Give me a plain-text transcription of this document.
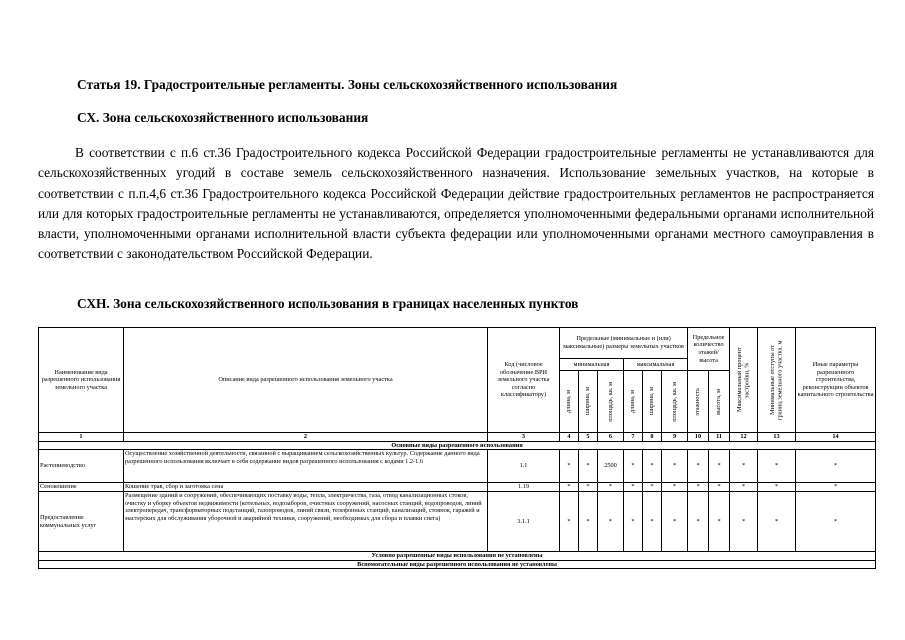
Статья 19. Градостроительные регламенты. Зоны сельскохозяйственного использования
СХ. Зона сельскохозяйственного использования
В соответствии с п.6 ст.36 Градостроительного кодекса Российской Федерации градостроительные регламенты не устанавливаются для сельскохозяйственных угодий в составе земель сельскохозяйственного назначения. Использование земельных участков, на которые в соответствии с п.п.4,6 ст.36 Градостроительного кодекса Российской Федерации действие градостроительных регламентов не распространяется или для которых градостроительные регламенты не устанавливаются, определяется уполномоченными федеральными органами исполнительной власти, уполномоченными органами исполнительной власти субъекта федерации или уполномоченными органами местного самоуправления в соответствии с законодательством Российской Федерации.
СХН. Зона сельскохозяйственного использования в границах населенных пунктов
Наименование вида разрешенного использования земельного участка	Описание вида разрешенного использования земельного участка	Код (числовое обозначение ВРИ земельного участка согласно классификатору)	Предельные (минимальные и (или) максимальные) размеры земельных участков						Предельное количество этажей/высота		Максимальный процент застройки, %	Минимальные отступы от границ земельного участка, м	Иные параметры разрешенного строительства, реконструкции объектов капитального строительства
			минимальная			максимальная							

			длина, м	ширина, м	площадь, кв. м	длина, м	ширина, м	площадь, кв. м	этажность	высота, м			

1	2	3	4	5	6	7	8	9	10	11	12	13	14
Основные виды разрешенного использования													
Растениеводство	Осуществление хозяйственной деятельности, связанной с выращиванием сельскохозяйственных культур. Содержание данного вида разрешенного использования включает в себя содержание видов разрешенного использования с кодами 1.2-1.6	1.1	*	*	2500	*	*	*	*	*	*	*	*
Сенокошение	Кошение трав, сбор и заготовка сена	1.19	*	*	*	*	*	*	*	*	*	*	*
Предоставление коммунальных услуг	Размещение зданий и сооружений, обеспечивающих поставку воды, тепла, электричества, газа, отвод канализационных стоков, очистку и уборку объектов недвижимости (котельных, водозаборов, очистных сооружений, насосных станций, водопроводов, линий электропередач, трансформаторных подстанций, газопроводов, линий связи, телефонных станций, канализаций, стоянок, гаражей и мастерских для обслуживания уборочной и аварийной техники, сооружений, необходимых для сбора и плавки снега)	3.1.1	*	*	*	*	*	*	*	*	*	*	*
Условно разрешенные виды использования не установлены													
Вспомогательные виды разрешенного использования не установлены													
